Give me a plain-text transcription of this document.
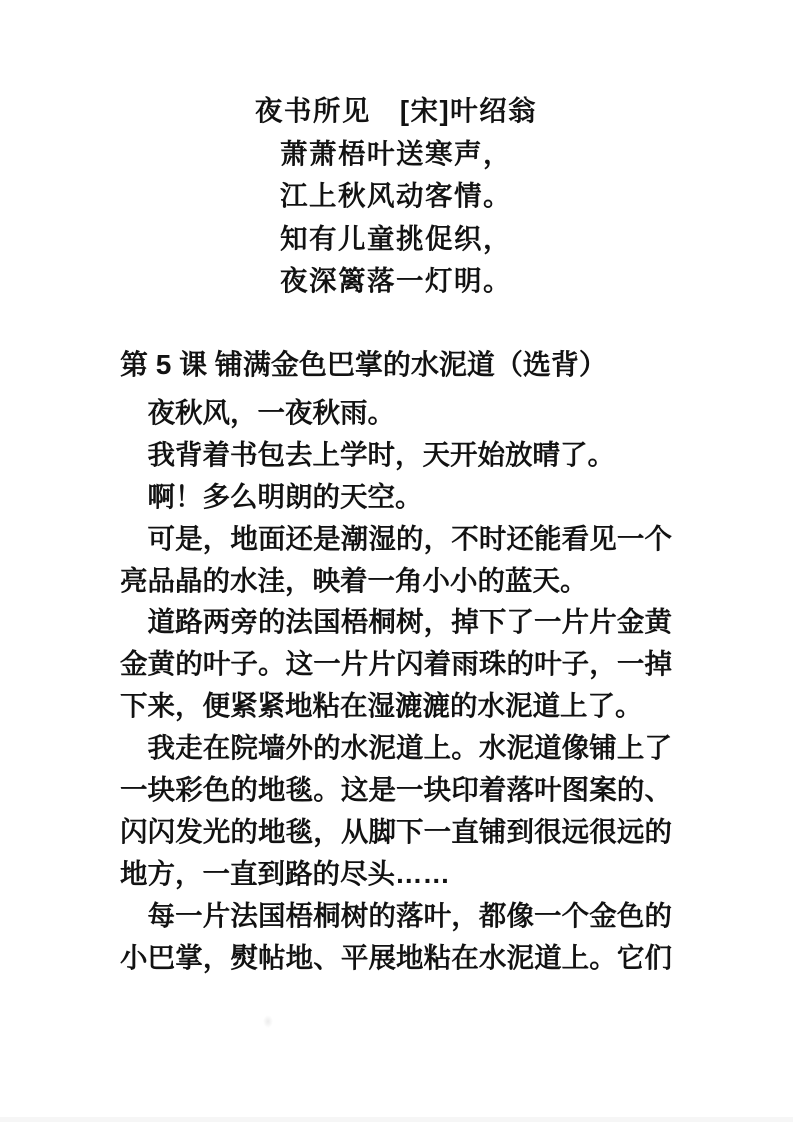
夜书所见　[宋]叶绍翁
萧萧梧叶送寒声，
江上秋风动客情。
知有儿童挑促织，
夜深篱落一灯明。
第 5 课 铺满金色巴掌的水泥道（选背）
夜秋风，一夜秋雨。
我背着书包去上学时，天开始放晴了。
啊！多么明朗的天空。
可是，地面还是潮湿的，不时还能看见一个
亮品晶的水洼，映着一角小小的蓝天。
道路两旁的法国梧桐树，掉下了一片片金黄
金黄的叶子。这一片片闪着雨珠的叶子，一掉
下来，便紧紧地粘在湿漉漉的水泥道上了。
我走在院墙外的水泥道上。水泥道像铺上了
一块彩色的地毯。这是一块印着落叶图案的、
闪闪发光的地毯，从脚下一直铺到很远很远的
地方，一直到路的尽头……
每一片法国梧桐树的落叶，都像一个金色的
小巴掌，熨帖地、平展地粘在水泥道上。它们
